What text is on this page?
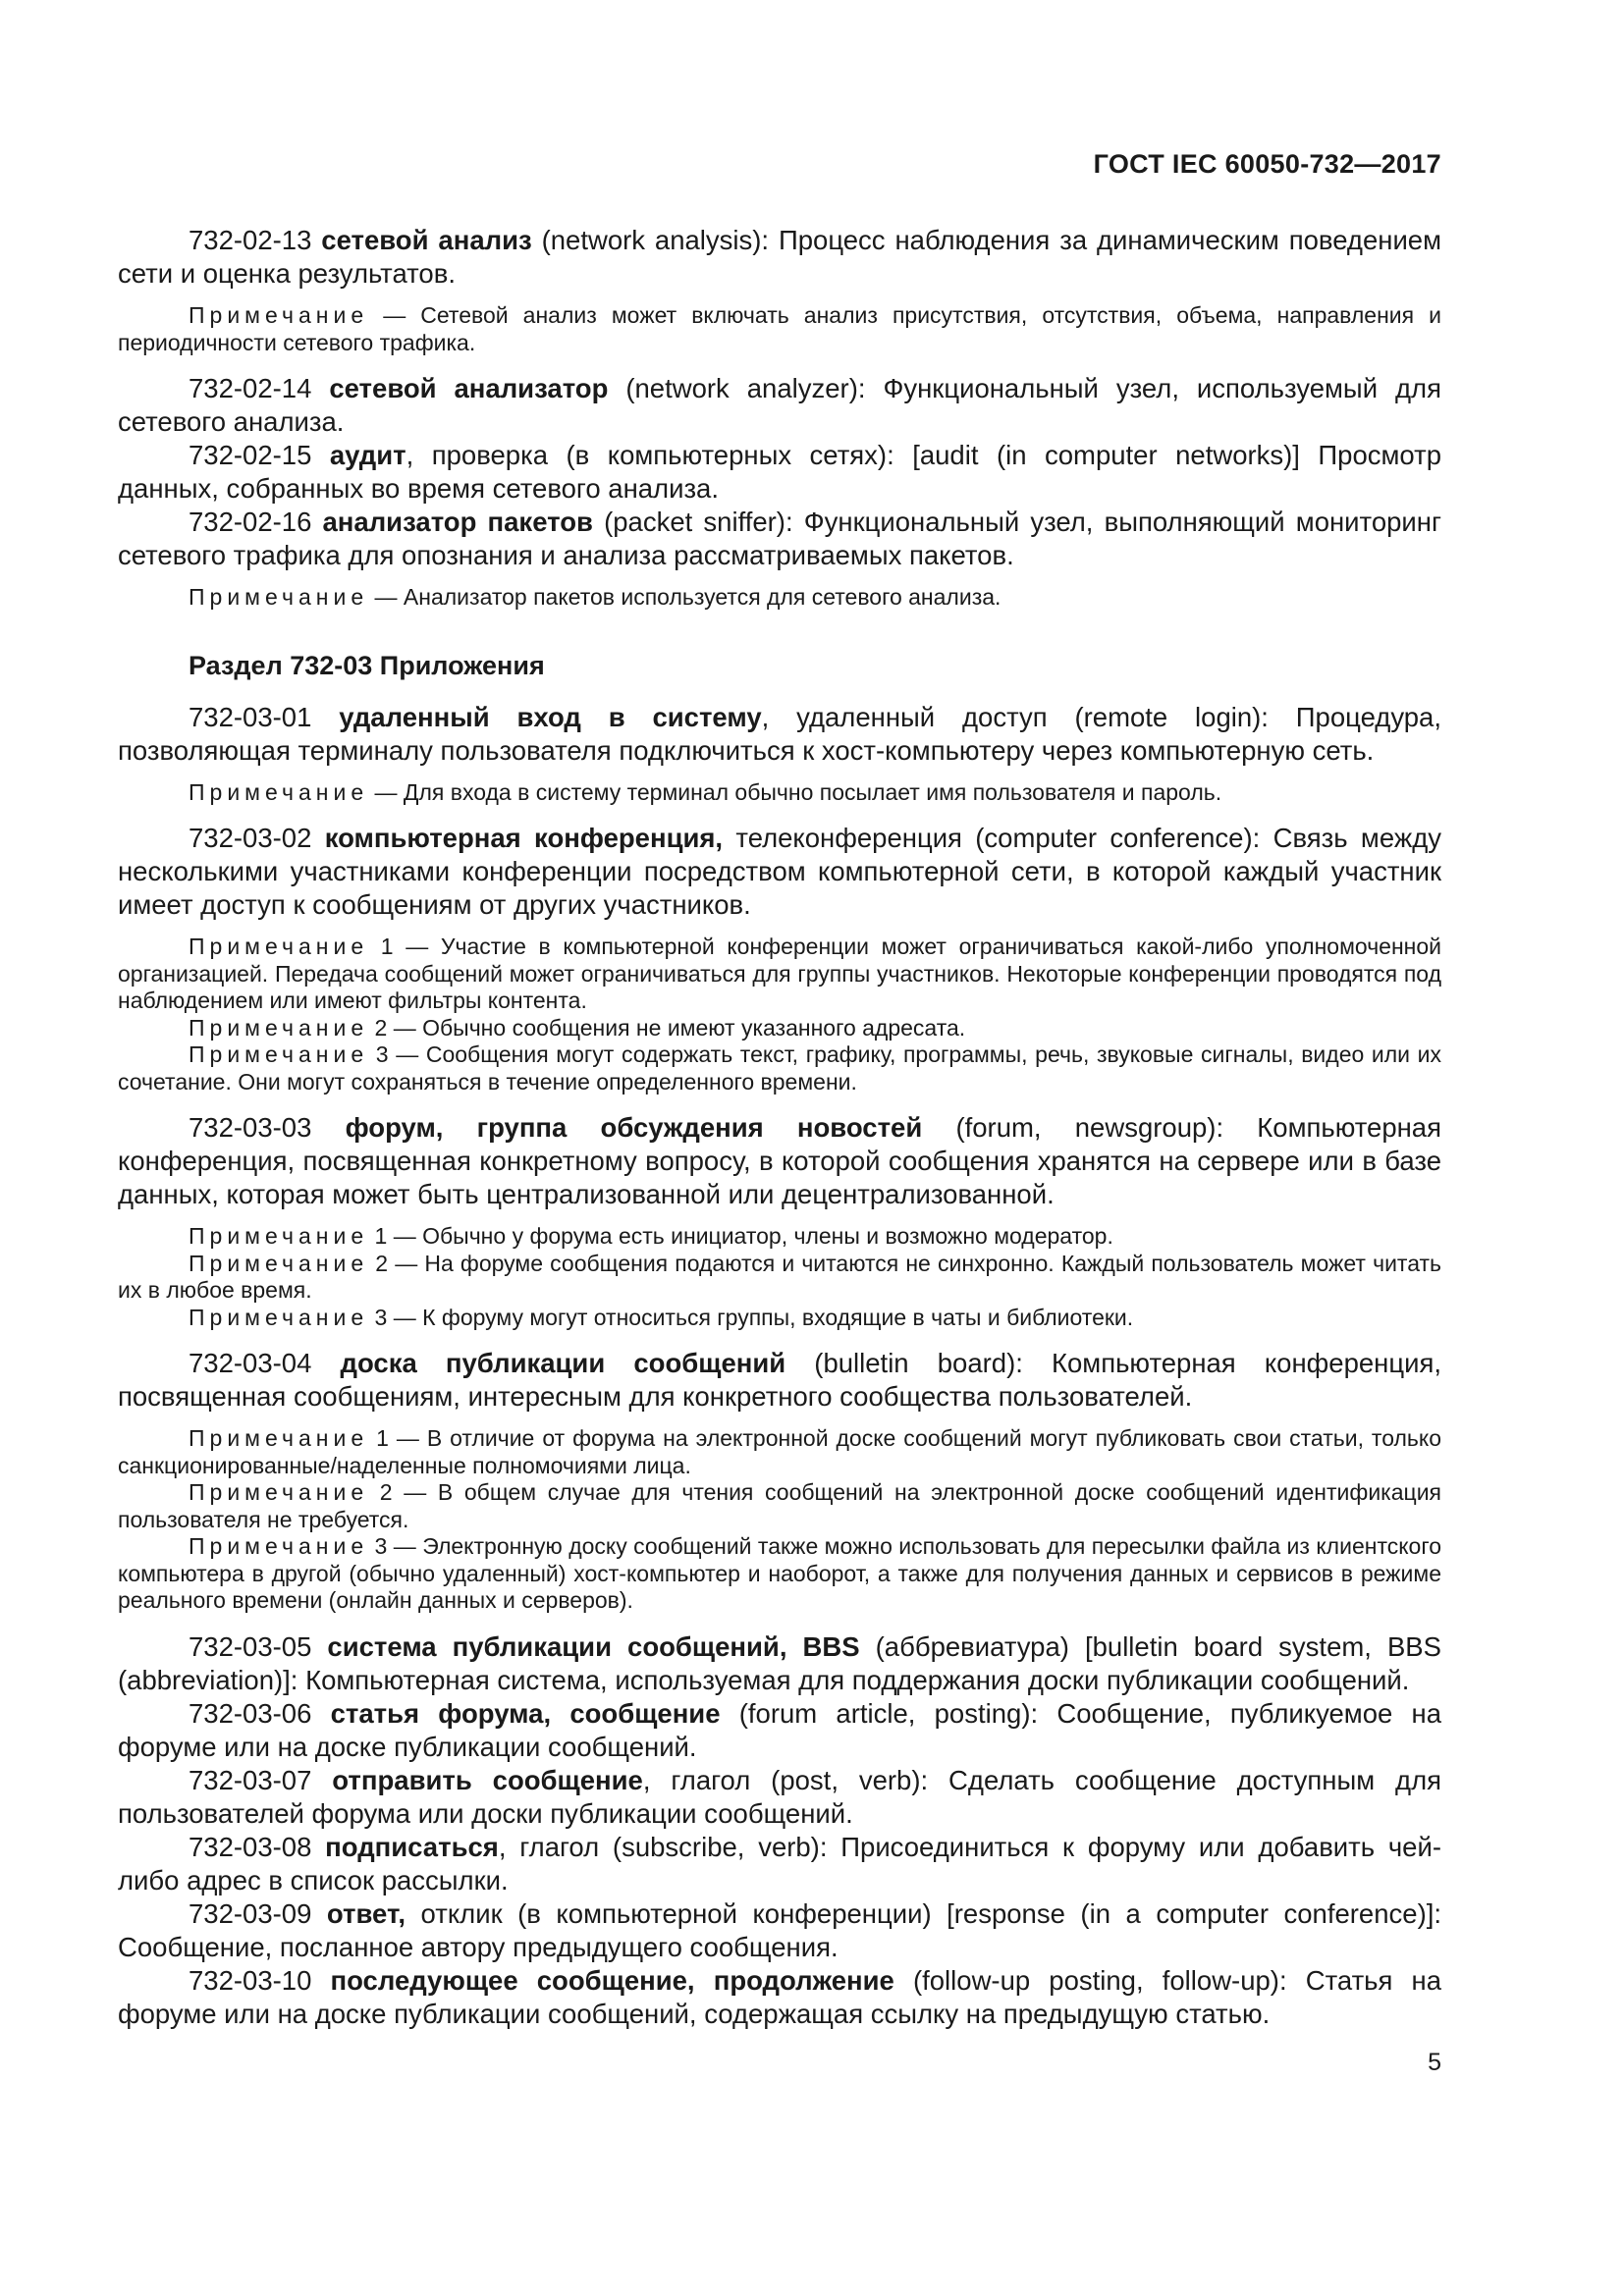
ГОСТ IEC 60050-732—2017

732-02-13 сетевой анализ (network analysis): Процесс наблюдения за динамическим поведением сети и оценка результатов.

Примечание — Сетевой анализ может включать анализ присутствия, отсутствия, объема, направления и периодичности сетевого трафика.

732-02-14 сетевой анализатор (network analyzer): Функциональный узел, используемый для сетевого анализа.

732-02-15 аудит, проверка (в компьютерных сетях): [audit (in computer networks)] Просмотр данных, собранных во время сетевого анализа.

732-02-16 анализатор пакетов (packet sniffer): Функциональный узел, выполняющий мониторинг сетевого трафика для опознания и анализа рассматриваемых пакетов.

Примечание — Анализатор пакетов используется для сетевого анализа.

Раздел 732-03 Приложения

732-03-01 удаленный вход в систему, удаленный доступ (remote login): Процедура, позволяющая терминалу пользователя подключиться к хост-компьютеру через компьютерную сеть.

Примечание — Для входа в систему терминал обычно посылает имя пользователя и пароль.

732-03-02 компьютерная конференция, телеконференция (computer conference): Связь между несколькими участниками конференции посредством компьютерной сети, в которой каждый участник имеет доступ к сообщениям от других участников.

Примечание 1 — Участие в компьютерной конференции может ограничиваться какой-либо уполномоченной организацией. Передача сообщений может ограничиваться для группы участников. Некоторые конференции проводятся под наблюдением или имеют фильтры контента.

Примечание 2 — Обычно сообщения не имеют указанного адресата.

Примечание 3 — Сообщения могут содержать текст, графику, программы, речь, звуковые сигналы, видео или их сочетание. Они могут сохраняться в течение определенного времени.

732-03-03 форум, группа обсуждения новостей (forum, newsgroup): Компьютерная конференция, посвященная конкретному вопросу, в которой сообщения хранятся на сервере или в базе данных, которая может быть централизованной или децентрализованной.

Примечание 1 — Обычно у форума есть инициатор, члены и возможно модератор.

Примечание 2 — На форуме сообщения подаются и читаются не синхронно. Каждый пользователь может читать их в любое время.

Примечание 3 — К форуму могут относиться группы, входящие в чаты и библиотеки.

732-03-04 доска публикации сообщений (bulletin board): Компьютерная конференция, посвященная сообщениям, интересным для конкретного сообщества пользователей.

Примечание 1 — В отличие от форума на электронной доске сообщений могут публиковать свои статьи, только санкционированные/наделенные полномочиями лица.

Примечание 2 — В общем случае для чтения сообщений на электронной доске сообщений идентификация пользователя не требуется.

Примечание 3 — Электронную доску сообщений также можно использовать для пересылки файла из клиентского компьютера в другой (обычно удаленный) хост-компьютер и наоборот, а также для получения данных и сервисов в режиме реального времени (онлайн данных и серверов).

732-03-05 система публикации сообщений, BBS (аббревиатура) [bulletin board system, BBS (abbreviation)]: Компьютерная система, используемая для поддержания доски публикации сообщений.

732-03-06 статья форума, сообщение (forum article, posting): Сообщение, публикуемое на форуме или на доске публикации сообщений.

732-03-07 отправить сообщение, глагол (post, verb): Сделать сообщение доступным для пользователей форума или доски публикации сообщений.

732-03-08 подписаться, глагол (subscribe, verb): Присоединиться к форуму или добавить чей-либо адрес в список рассылки.

732-03-09 ответ, отклик (в компьютерной конференции) [response (in a computer conference)]: Сообщение, посланное автору предыдущего сообщения.

732-03-10 последующее сообщение, продолжение (follow-up posting, follow-up): Статья на форуме или на доске публикации сообщений, содержащая ссылку на предыдущую статью.

5
